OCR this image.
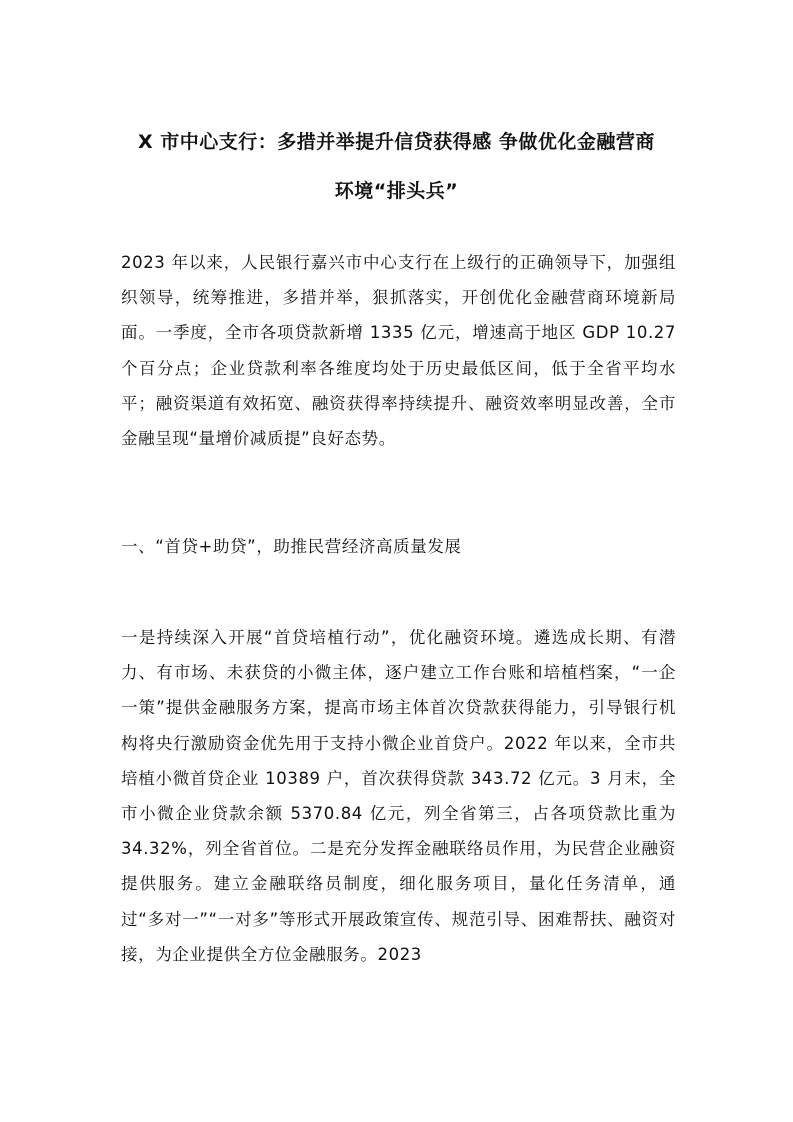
X 市中心支行：多措并举提升信贷获得感 争做优化金融营商
环境“排头兵”
2023 年以来，人民银行嘉兴市中心支行在上级行的正确领导下，加强组织领导，统筹推进，多措并举，狠抓落实，开创优化金融营商环境新局面。一季度，全市各项贷款新增 1335 亿元，增速高于地区 GDP 10.27 个百分点；企业贷款利率各维度均处于历史最低区间，低于全省平均水平；融资渠道有效拓宽、融资获得率持续提升、融资效率明显改善，全市金融呈现“量增价减质提”良好态势。
一、“首贷+助贷”，助推民营经济高质量发展
一是持续深入开展“首贷培植行动”，优化融资环境。遴选成长期、有潜力、有市场、未获贷的小微主体，逐户建立工作台账和培植档案，“一企一策”提供金融服务方案，提高市场主体首次贷款获得能力，引导银行机构将央行激励资金优先用于支持小微企业首贷户。2022 年以来，全市共培植小微首贷企业 10389 户，首次获得贷款 343.72 亿元。3 月末，全市小微企业贷款余额 5370.84 亿元，列全省第三，占各项贷款比重为 34.32%，列全省首位。二是充分发挥金融联络员作用，为民营企业融资提供服务。建立金融联络员制度，细化服务项目，量化任务清单，通过“多对一”“一对多”等形式开展政策宣传、规范引导、困难帮扶、融资对接，为企业提供全方位金融服务。2023
